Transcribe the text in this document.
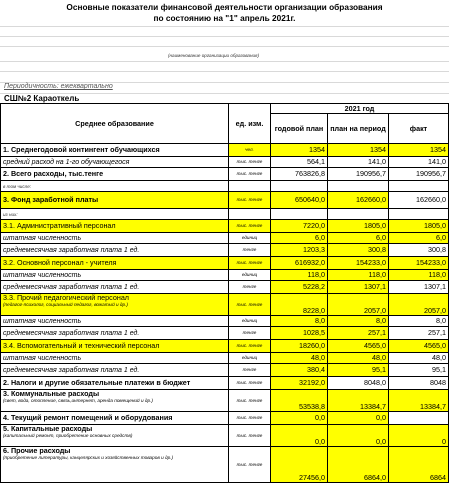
Основные показатели финансовой деятельности организации образования
по состоянию на "1" апрель 2021г.
(наименование организации образования)
Периодичность: ежеквартально
СШ№2 Караоткель
Среднее образование	ед. изм.	2021 год		
		годовой план	план на период	факт
1. Среднегодовой контингент обучающихся	чел.	1354	1354	1354
средний расход на 1-го обучающегося	тыс. тенге	564,1	141,0	141,0
2. Всего расходы, тыс.тенге	тыс. тенге	763826,8	190956,7	190956,7
в том числе:				
3. Фонд заработной платы	тыс. тенге	650640,0	162660,0	162660,0
из них:				
3.1. Административный персонал	тыс. тенге	7220,0	1805,0	1805,0
штатная численность	единиц	6,0	6,0	6,0
среднемесячная заработная плата 1 ед.	тенге	1203,3	300,8	300,8
3.2. Основной персонал - учителя	тыс. тенге	616932,0	154233,0	154233,0
штатная численность	единиц	118,0	118,0	118,0
среднемесячная заработная плата 1 ед.	тенге	5228,2	1307,1	1307,1
3.3. Прочий педагогический персонал
(педагог-психолог, социальный педагог, вожатый и др.)	тыс. тенге	8228,0	2057,0	2057,0
штатная численность	единиц	8,0	8,0	8,0
среднемесячная заработная плата 1 ед.	тенге	1028,5	257,1	257,1
3.4. Вспомогательный и технический персонал	тыс. тенге	18260,0	4565,0	4565,0
штатная численность	единиц	48,0	48,0	48,0
среднемесячная заработная плата 1 ед.	тенге	380,4	95,1	95,1
2. Налоги и другие обязательные платежи в бюджет	тыс. тенге	32192,0	8048,0	8048
3. Коммунальные расходы
(свет, вода, отопление, связь,интернет, аренда помещений и др.)	тыс. тенге	53538,8	13384,7	13384,7
4. Текущий ремонт помещений и оборудования	тыс. тенге	0,0	0,0	
5. Капитальные расходы
(капитальный ремонт, приобретение основных средств)	тыс. тенге	0,0	0,0	0
6. Прочие расходы
(приобретение литературы, канцелярских и хозяйственных товаров и др.)	тыс. тенге	27456,0	6864,0	6864
